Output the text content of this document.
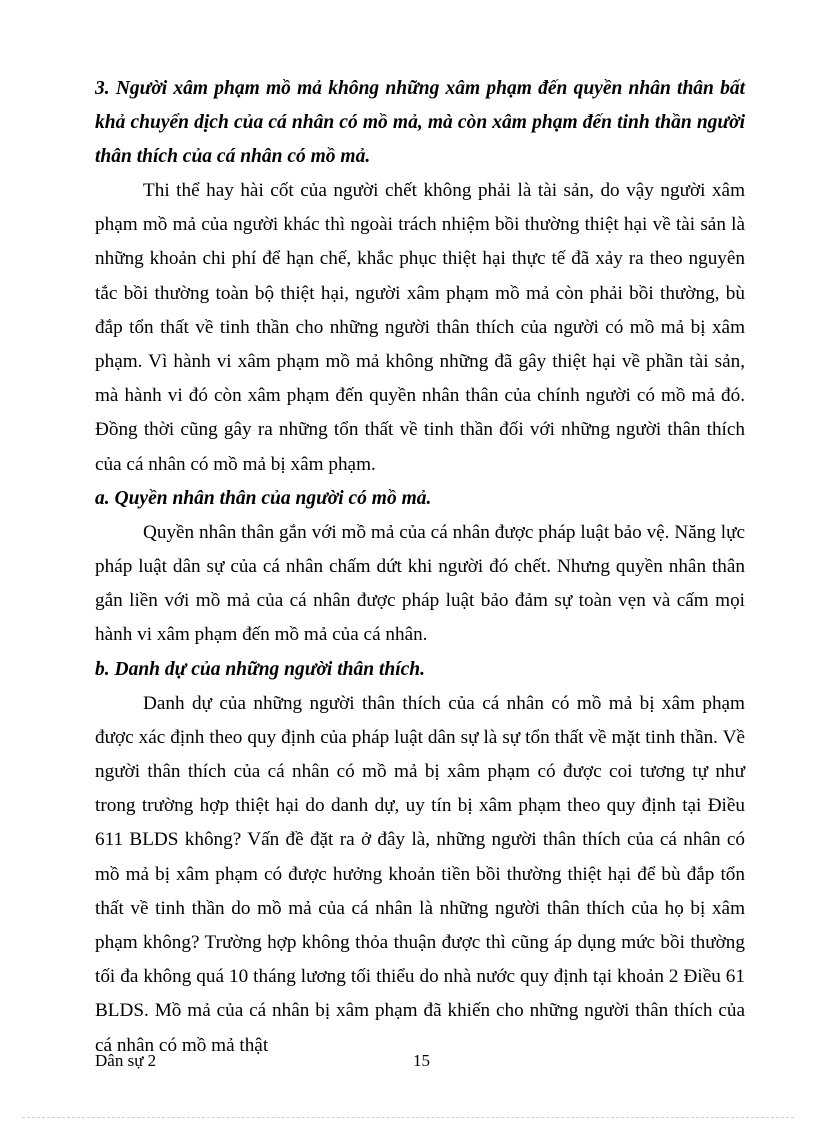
3. Người xâm phạm mồ mả không những xâm phạm đến quyền nhân thân bất khả chuyển dịch của cá nhân có mồ mả, mà còn xâm phạm đến tinh thần người thân thích của cá nhân có mồ mả.

Thi thể hay hài cốt của người chết không phải là tài sản, do vậy người xâm phạm mồ mả của người khác thì ngoài trách nhiệm bồi thường thiệt hại về tài sản là những khoản chi phí để hạn chế, khắc phục thiệt hại thực tế đã xảy ra theo nguyên tắc bồi thường toàn bộ thiệt hại, người xâm phạm mồ mả còn phải bồi thường, bù đắp tổn thất về tinh thần cho những người thân thích của người có mồ mả bị xâm phạm. Vì hành vi xâm phạm mồ mả không những đã gây thiệt hại về phần tài sản, mà hành vi đó còn xâm phạm đến quyền nhân thân của chính người có mồ mả đó. Đồng thời cũng gây ra những tổn thất về tinh thần đối với những người thân thích của cá nhân có mồ mả bị xâm phạm.

a. Quyền nhân thân của người có mồ mả.

Quyền nhân thân gắn với mồ mả của cá nhân được pháp luật bảo vệ. Năng lực pháp luật dân sự của cá nhân chấm dứt khi người đó chết. Nhưng quyền nhân thân gắn liền với mồ mả của cá nhân được pháp luật bảo đảm sự toàn vẹn và cấm mọi hành vi xâm phạm đến mồ mả của cá nhân.

b. Danh dự của những người thân thích.

Danh dự của những người thân thích của cá nhân có mồ mả bị xâm phạm được xác định theo quy định của pháp luật dân sự là sự tổn thất về mặt tinh thần. Về người thân thích của cá nhân có mồ mả bị xâm phạm có được coi tương tự như trong trường hợp thiệt hại do danh dự, uy tín bị xâm phạm theo quy định tại Điều 611 BLDS không? Vấn đề đặt ra ở đây là, những người thân thích của cá nhân có mồ mả bị xâm phạm có được hưởng khoản tiền bồi thường thiệt hại để bù đắp tổn thất về tinh thần do mồ mả của cá nhân là những người thân thích của họ bị xâm phạm không? Trường hợp không thỏa thuận được thì cũng áp dụng mức bồi thường tối đa không quá 10 tháng lương tối thiểu do nhà nước quy định tại khoản 2 Điều 61 BLDS. Mồ mả của cá nhân bị xâm phạm đã khiến cho những người thân thích của cá nhân có mồ mả thật

Dân sự 2	15
